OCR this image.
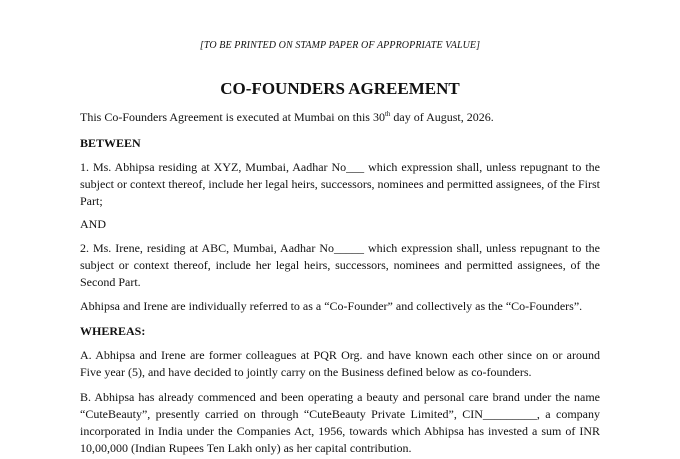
[TO BE PRINTED ON STAMP PAPER OF APPROPRIATE VALUE]
CO-FOUNDERS AGREEMENT
This Co-Founders Agreement is executed at Mumbai on this 30th day of August, 2026.
BETWEEN
1. Ms. Abhipsa residing at XYZ, Mumbai, Aadhar No___ which expression shall, unless repugnant to the subject or context thereof, include her legal heirs, successors, nominees and permitted assignees, of the First Part;
AND
2. Ms. Irene, residing at ABC, Mumbai, Aadhar No_____ which expression shall, unless repugnant to the subject or context thereof, include her legal heirs, successors, nominees and permitted assignees, of the Second Part.
Abhipsa and Irene are individually referred to as a “Co-Founder” and collectively as the “Co-Founders”.
WHEREAS:
A. Abhipsa and Irene are former colleagues at PQR Org. and have known each other since on or around Five year (5), and have decided to jointly carry on the Business defined below as co-founders.
B. Abhipsa has already commenced and been operating a beauty and personal care brand under the name “CuteBeauty”, presently carried on through “CuteBeauty Private Limited”, CIN_________, a company incorporated in India under the Companies Act, 1956, towards which Abhipsa has invested a sum of INR 10,00,000 (Indian Rupees Ten Lakh only) as her capital contribution.
